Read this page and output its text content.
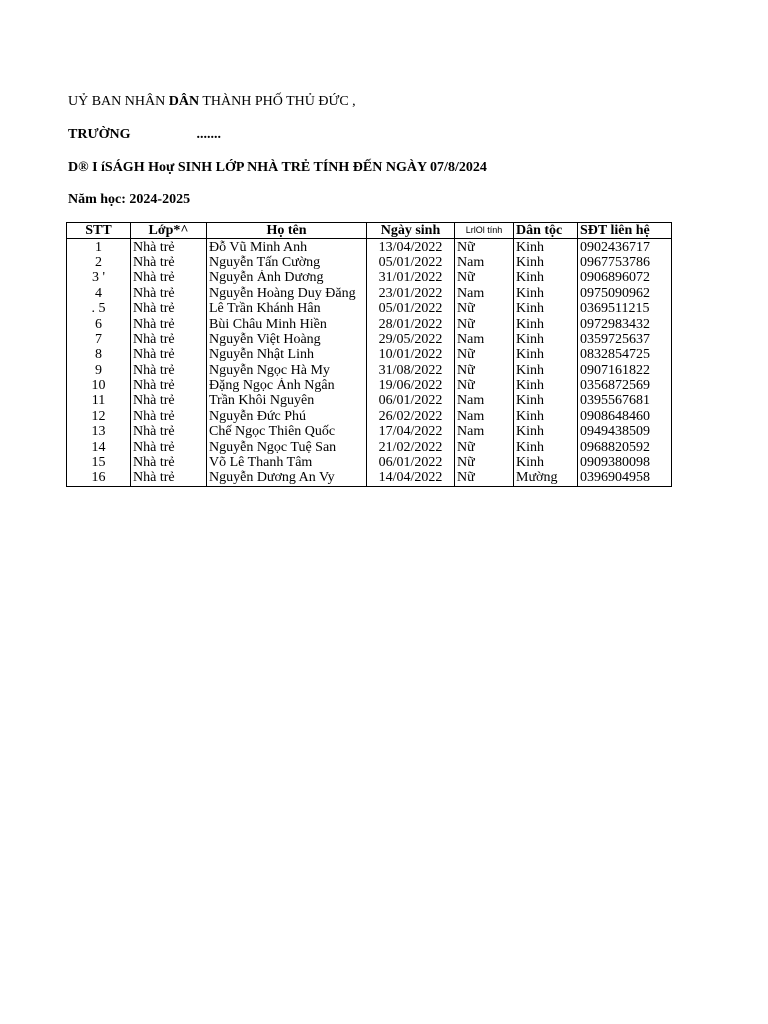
UỶ BAN NHÂN DÂN THÀNH PHỐ THỦ ĐỨC ,
TRƯỜNG	.......
D® I íSÁGH Hoự SINH LỚP NHÀ TRẺ TÍNH ĐẾN NGÀY 07/8/2024
Năm học: 2024-2025
STT	Lớp*^	Họ tên	Ngày sinh	LrlOl tính	Dân tộc	SĐT liên hệ
1	Nhà trẻ	Đỗ Vũ Minh Anh	13/04/2022	Nữ	Kinh	0902436717
2	Nhà trẻ	Nguyễn Tấn Cường	05/01/2022	Nam	Kinh	0967753786
3 '	Nhà trẻ	Nguyễn Ánh Dương	31/01/2022	Nữ	Kinh	0906896072
4	Nhà trẻ	Nguyễn Hoàng Duy Đăng	23/01/2022	Nam	Kinh	0975090962
. 5	Nhà trẻ	Lê Trần Khánh Hân	05/01/2022	Nữ	Kinh	0369511215
6	Nhà trẻ	Bùi Châu Minh Hiền	28/01/2022	Nữ	Kinh	0972983432
7	Nhà trẻ	Nguyễn Việt Hoàng	29/05/2022	Nam	Kinh	0359725637
8	Nhà trẻ	Nguyễn Nhật Linh	10/01/2022	Nữ	Kinh	0832854725
9	Nhà trẻ	Nguyễn Ngọc Hà My	31/08/2022	Nữ	Kinh	0907161822
10	Nhà trẻ	Đặng Ngọc Ánh Ngân	19/06/2022	Nữ	Kinh	0356872569
11	Nhà trẻ	Trần Khôi Nguyên	06/01/2022	Nam	Kinh	0395567681
12	Nhà trẻ	Nguyễn Đức Phú	26/02/2022	Nam	Kinh	0908648460
13	Nhà trẻ	Chế Ngọc Thiên Quốc	17/04/2022	Nam	Kinh	0949438509
14	Nhà trẻ	Nguyễn Ngọc Tuệ San	21/02/2022	Nữ	Kinh	0968820592
15	Nhà trẻ	Võ Lê Thanh Tâm	06/01/2022	Nữ	Kinh	0909380098
16	Nhà trẻ	Nguyễn Dương An Vy	14/04/2022	Nữ	Mường	0396904958
